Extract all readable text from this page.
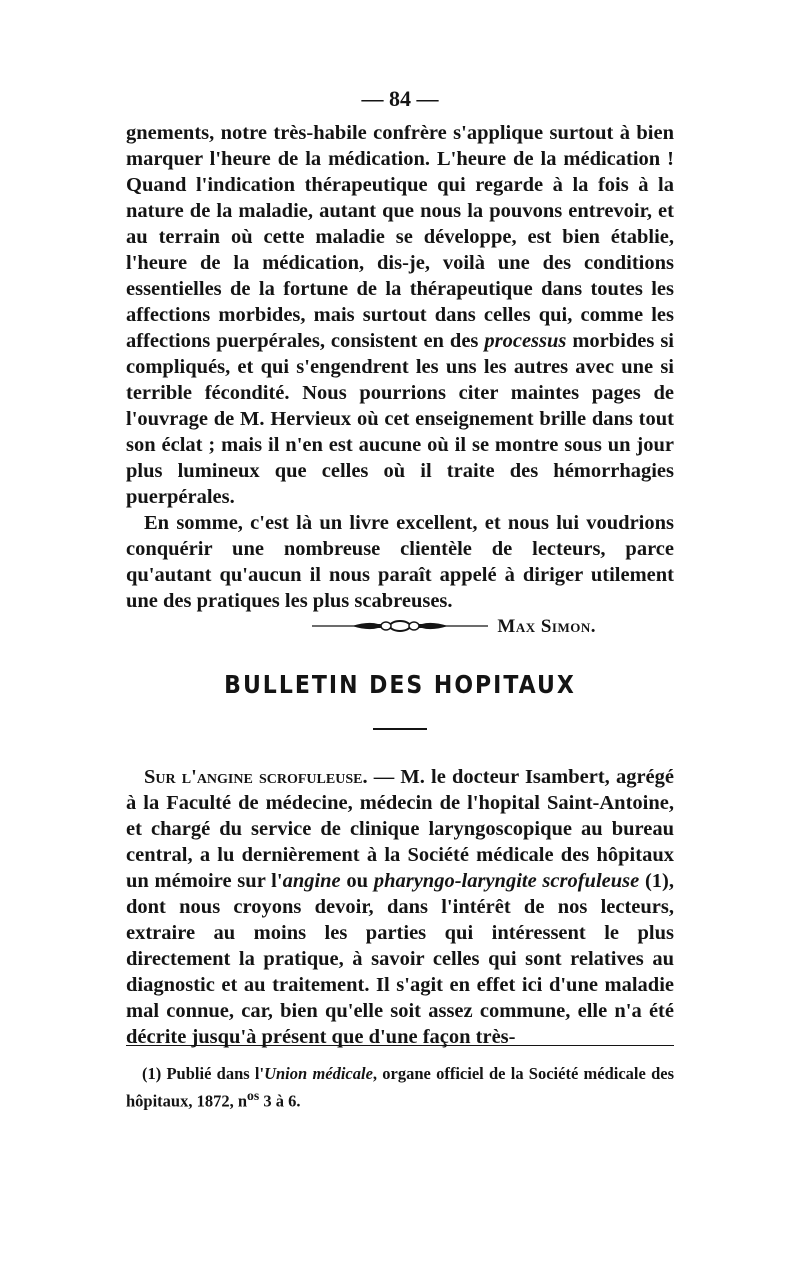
— 84 —

gnements, notre très-habile confrère s'applique surtout à bien marquer l'heure de la médication. L'heure de la médication ! Quand l'indication thérapeutique qui regarde à la fois à la nature de la maladie, autant que nous la pouvons entrevoir, et au terrain où cette maladie se développe, est bien établie, l'heure de la médication, dis-je, voilà une des conditions essentielles de la fortune de la thérapeutique dans toutes les affections morbides, mais surtout dans celles qui, comme les affections puerpérales, consistent en des processus morbides si compliqués, et qui s'engendrent les uns les autres avec une si terrible fécondité. Nous pourrions citer maintes pages de l'ouvrage de M. Hervieux où cet enseignement brille dans tout son éclat ; mais il n'en est aucune où il se montre sous un jour plus lumineux que celles où il traite des hémorrhagies puerpérales.

En somme, c'est là un livre excellent, et nous lui voudrions conquérir une nombreuse clientèle de lecteurs, parce qu'autant qu'aucun il nous paraît appelé à diriger utilement une des pratiques les plus scabreuses.

Max Simon.

BULLETIN DES HOPITAUX

Sur l'angine scrofuleuse. — M. le docteur Isambert, agrégé à la Faculté de médecine, médecin de l'hopital Saint-Antoine, et chargé du service de clinique laryngoscopique au bureau central, a lu dernièrement à la Société médicale des hôpitaux un mémoire sur l'angine ou pharyngo-laryngite scrofuleuse (1), dont nous croyons devoir, dans l'intérêt de nos lecteurs, extraire au moins les parties qui intéressent le plus directement la pratique, à savoir celles qui sont relatives au diagnostic et au traitement. Il s'agit en effet ici d'une maladie mal connue, car, bien qu'elle soit assez commune, elle n'a été décrite jusqu'à présent que d'une façon très-

(1) Publié dans l'Union médicale, organe officiel de la Société médicale des hôpitaux, 1872, $n^{os}$ 3 à 6.
